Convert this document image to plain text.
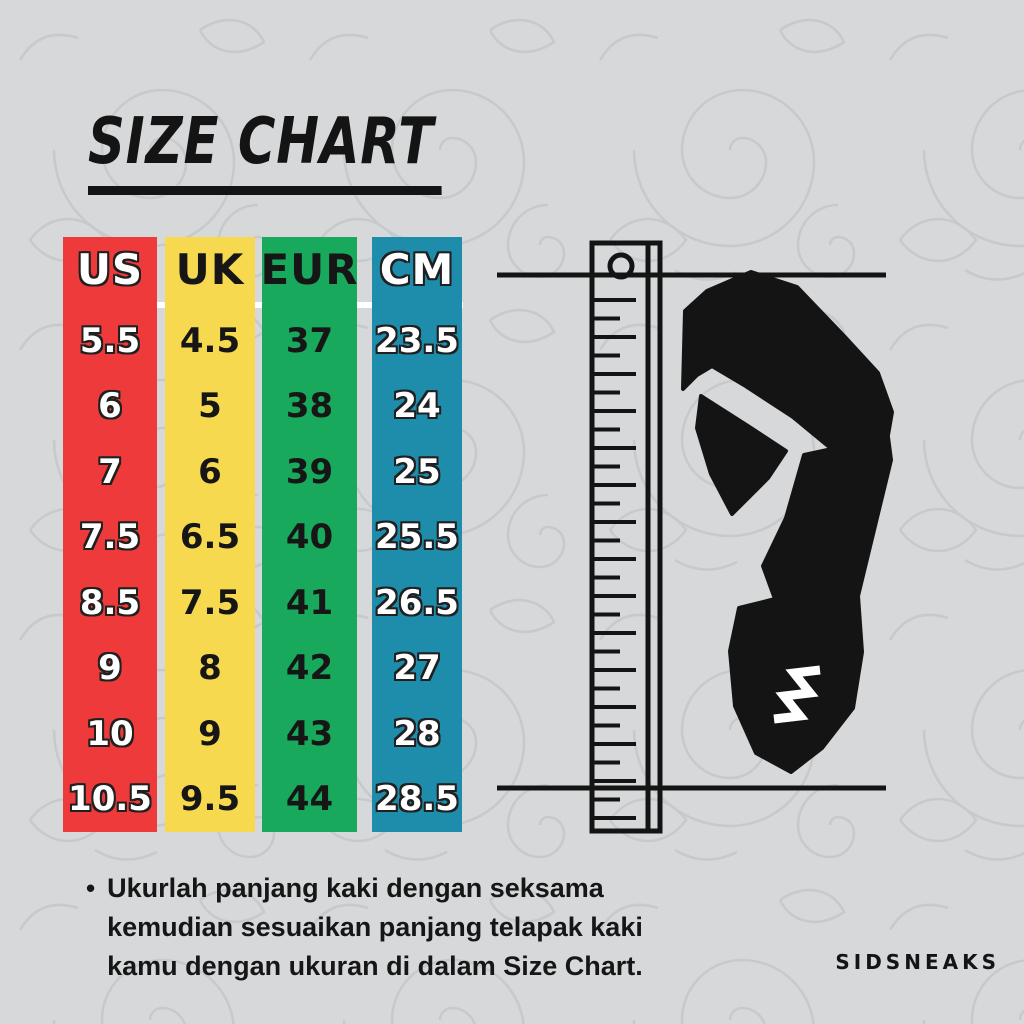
SIZE CHART
US
5.5
6
7
7.5
8.5
9
10
10.5
UK
4.5
5
6
6.5
7.5
8
9
9.5
EUR
37
38
39
40
41
42
43
44
CM
23.5
24
25
25.5
26.5
27
28
28.5
• Ukurlah panjang kaki dengan seksama
kemudian sesuaikan panjang telapak kaki
kamu dengan ukuran di dalam Size Chart.	SIDSNEAKS
